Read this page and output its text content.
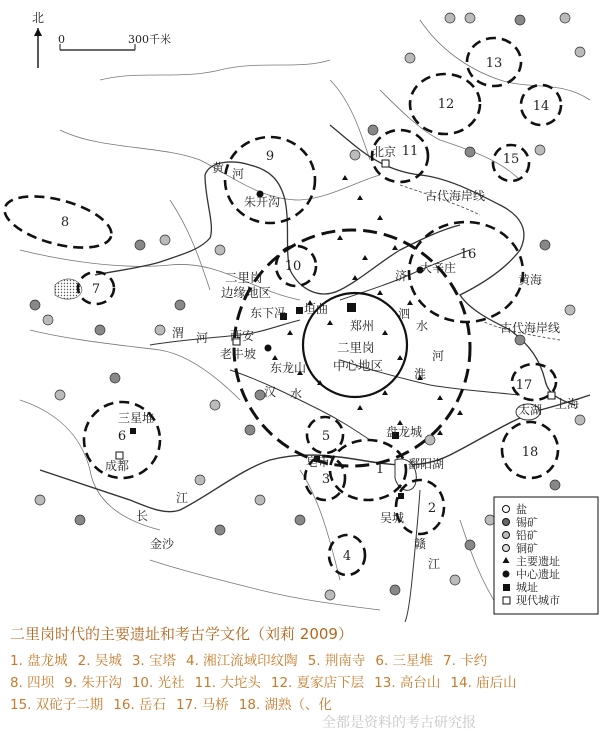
1
2
3
4
5
6
7
8
9
10
11
12
13
14
15
16
17
18
北
0	300千米
二里岗 中心地区
二里岗 边缘地区
北京
朱开沟
东下冯 垣曲
郑州
西安
老牛坡
东龙山
三星堆
成都
盘龙城
皂市	鄱阳湖
吴城
金沙
太湖 上海
大辛庄
黄海
古代海岸线
古代海岸线
黄 河
济
泗
水
渭 河
汉 水
淮
河
长
江
赣
江
盐
锡矿
铅矿
铜矿
主要遗址
中心遗址
城址
现代城市
二里岗时代的主要遗址和考古学文化（刘莉 2009）
1. 盘龙城 2. 吴城 3. 宝塔 4. 湘江流域印纹陶 5. 荆南寺 6. 三星堆 7. 卡约
8. 四坝 9. 朱开沟 10. 光社 11. 大坨头 12. 夏家店下层 13. 高台山 14. 庙后山
15. 双砣子二期 16. 岳石 17. 马桥 18. 湖熟（、化
全都是资料的考古研究报
